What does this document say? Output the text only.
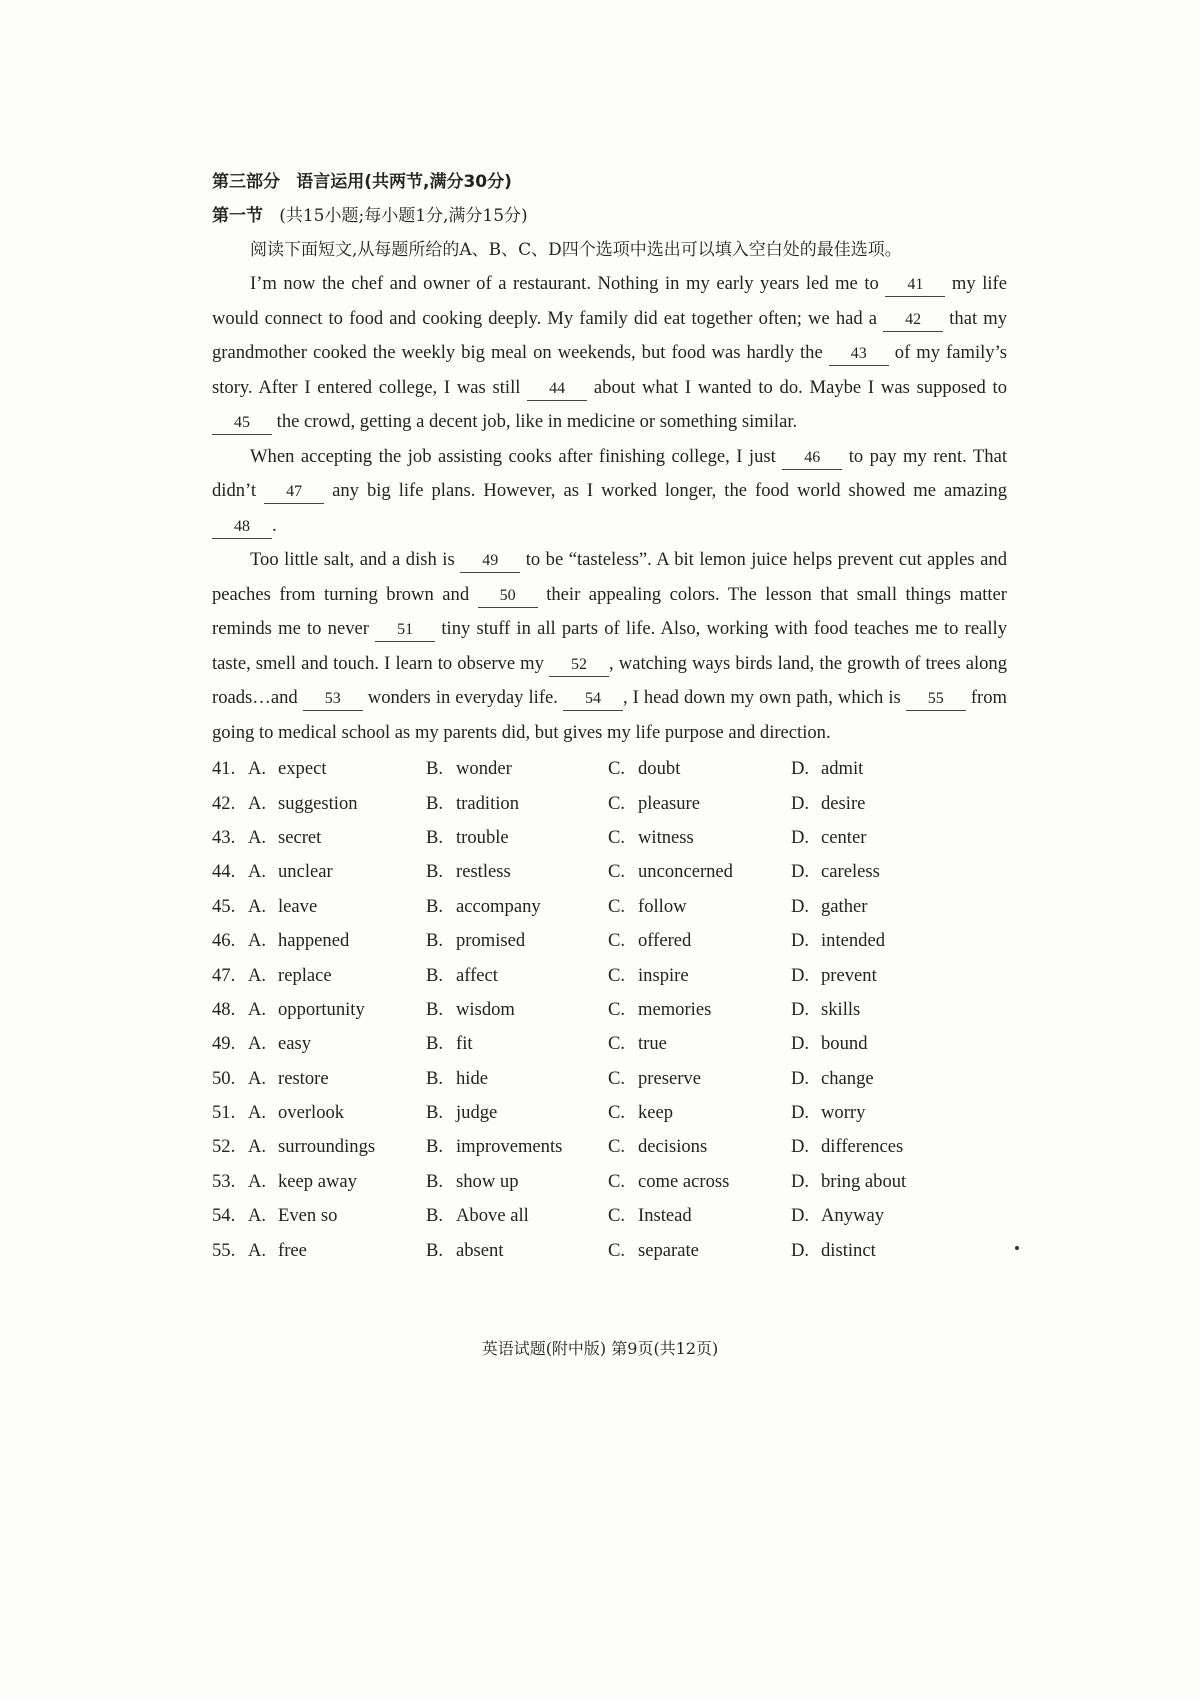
第三部分 语言运用(共两节,满分30分)
第一节 (共15小题;每小题1分,满分15分)
阅读下面短文,从每题所给的A、B、C、D四个选项中选出可以填入空白处的最佳选项。

I’m now the chef and owner of a restaurant. Nothing in my early years led me to 41 my life would connect to food and cooking deeply. My family did eat together often; we had a 42 that my grandmother cooked the weekly big meal on weekends, but food was hardly the 43 of my family’s story. After I entered college, I was still 44 about what I wanted to do. Maybe I was supposed to 45 the crowd, getting a decent job, like in medicine or something similar.

When accepting the job assisting cooks after finishing college, I just 46 to pay my rent. That didn’t 47 any big life plans. However, as I worked longer, the food world showed me amazing 48 .

Too little salt, and a dish is 49 to be “tasteless”. A bit lemon juice helps prevent cut apples and peaches from turning brown and 50 their appealing colors. The lesson that small things matter reminds me to never 51 tiny stuff in all parts of life. Also, working with food teaches me to really taste, smell and touch. I learn to observe my 52 , watching ways birds land, the growth of trees along roads…and 53 wonders in everyday life. 54 , I head down my own path, which is 55 from going to medical school as my parents did, but gives my life purpose and direction.

41. A. expect	B. wonder	C. doubt	D. admit
42. A. suggestion	B. tradition	C. pleasure	D. desire
43. A. secret	B. trouble	C. witness	D. center
44. A. unclear	B. restless	C. unconcerned	D. careless
45. A. leave	B. accompany	C. follow	D. gather
46. A. happened	B. promised	C. offered	D. intended
47. A. replace	B. affect	C. inspire	D. prevent
48. A. opportunity	B. wisdom	C. memories	D. skills
49. A. easy	B. fit	C. true	D. bound
50. A. restore	B. hide	C. preserve	D. change
51. A. overlook	B. judge	C. keep	D. worry
52. A. surroundings	B. improvements C. decisions	D. differences
53. A. keep away	B. show up	C. come across	D. bring about
54. A. Even so	B. Above all	C. Instead	D. Anyway
55. A. free	B. absent	C. separate	D. distinct
英语试题(附中版) 第9页(共12页)
